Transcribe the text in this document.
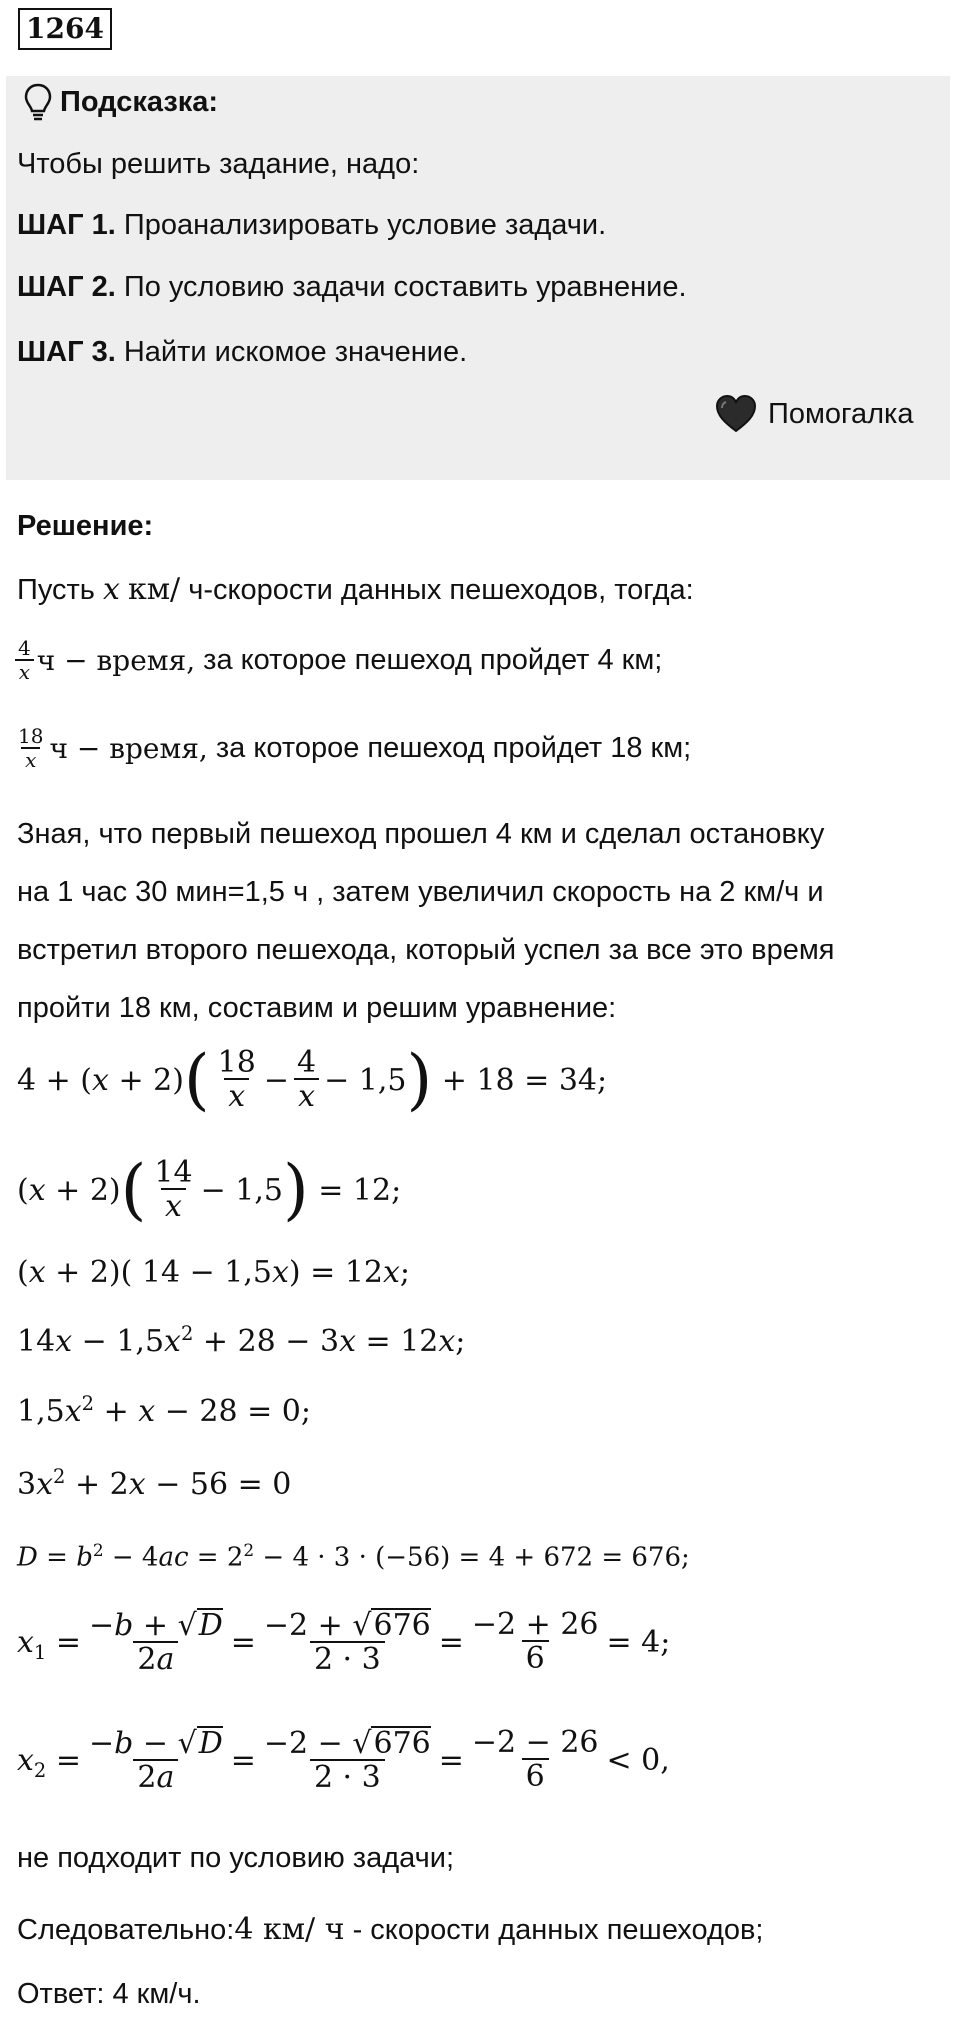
1264
Подсказка:
Чтобы решить задание, надо:
ШАГ 1. Проанализировать условие задачи.
ШАГ 2. По условию задачи составить уравнение.
ШАГ 3. Найти искомое значение.
Помогалка
Решение:
Пусть x км/ ч-скорости данных пешеходов, тогда:
$\frac{4}{x}$ ч − время, за которое пешеход пройдет 4 км;
$\frac{18}{x}$ ч − время, за которое пешеход пройдет 18 км;
Зная, что первый пешеход прошел 4 км и сделал остановку
на 1 час 30 мин=1,5 ч , затем увеличил скорость на 2 км/ч и
встретил второго пешехода, который успел за все это время
пройти 18 км, составим и решим уравнение:
4 + ( x + 2) ( $\frac{18}{x} - \frac{4}{x} - 1,5$ ) + 18 = 34;
( x + 2) ( $\frac{14}{x} - 1,5$ ) = 12;
(x + 2)( 14 − 1,5x) = 12x;
$14x - 1,5x^2 + 28 - 3x = 12x$;
$1,5x^2 + x - 28 = 0$;
$3x^2 + 2x - 56 = 0$
$D = b^2 - 4ac = 2^2 - 4 \cdot 3 \cdot (-56) = 4 + 672 = 676$;
$x_1 = \frac{-b + √D}{2a} = \frac{-2 + √676}{2 \cdot 3} = \frac{-2 + 26}{6} = 4$;
$x_2 = \frac{-b - √D}{2a} = \frac{-2 - √676}{2 \cdot 3} = \frac{-2 - 26}{6} < 0$,
не подходит по условию задачи;
Следовательно:4 км/ ч - скорости данных пешеходов;
Ответ: 4 км/ч.
